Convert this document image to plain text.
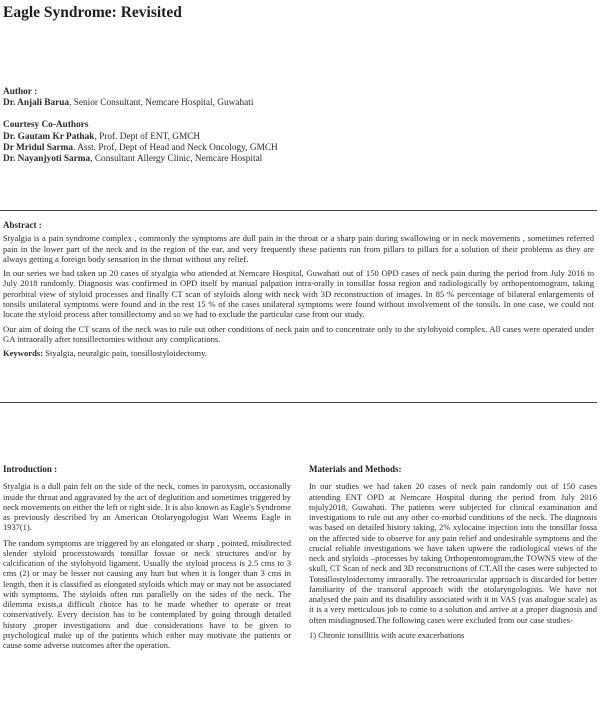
Eagle Syndrome: Revisited
Author :
Dr. Anjali Barua, Senior Consultant, Nemcare Hospital, Guwahati
Courtesy Co-Authors
Dr. Gautam Kr Pathak, Prof. Dept of ENT, GMCH
Dr Mridul Sarma. Asst. Prof, Dept of Head and Neck Oncology, GMCH
Dr. Nayanjyoti Sarma, Consultant Allergy Clinic, Nemcare Hospital

Abstract :

Styalgia is a pain syndrome complex , commonly the symptoms are dull pain in the throat or a sharp pain during swallowing or in neck movements , sometimes referred pain in the lower part of the neck and in the region of the ear, and very frequently these patients run from pillars to pillars for a solution of their problems as they are always getting a foreign body sensation in the throat without any relief.

In our series we had taken up 20 cases of styalgia who attended at Nemcare Hospital, Guwahati out of 150 OPD cases of neck pain during the period from July 2016 to July 2018 randomly. Diagnosis was confirmed in OPD itself by manual palpation intra-orally in tonsillar fossa region and radiologically by orthopentomogram, taking perorbital view of styloid processes and finally CT scan of styloids along with neck with 3D reconstruction of images. In 85 % percentage of bilateral enlargements of tonsils unilateral symptoms were found and in the rest 15 % of the cases unilateral symptoms were found without involvement of the tonsils. In one case, we could not locate the styloid process after tonsillectomy and so we had to exclude the particular case from our study.

Our aim of doing the CT scans of the neck was to rule out other conditions of neck pain and to concentrate only to the stylohyoid complex. All cases were operated under GA intraorally after tonsillectomies without any complications.

Keywords: Styalgia, neuralgic pain, tonsillostyloidectomy.

Introduction :

Styalgia is a dull pain felt on the side of the neck, comes in paroxysm, occasionally inside the throat and aggravated by the act of deglutition and sometimes triggered by neck movements on either the left or right side. It is also known as Eagle's Syndrome as previously described by an American Otolaryngologist Watt Weems Eagle in 1937(1).

The random symptoms are triggered by an elongated or sharp , pointed, misdirected slender styloid processtowards tonsillar fossae or neck structures and/or by calcification of the stylohyoid ligament. Usually the styloid process is 2.5 cms to 3 cms (2) or may be lesser not causing any hurt but when it is longer than 3 cms in length, then it is classified as elongated styloids which may or may not be associated with symptoms. The styloids often run parallelly on the sides of the neck. The dilemma exists,a difficult choice has to be made whether to operate or treat conservatively. Every decision has to be contemplated by going through detailed history ,proper investigations and due considerations have to be given to psychological make up of the patients which either may motivate the patients or cause some adverse outcomes after the operation.

Materials and Methods:

In our studies we had taken 20 cases of neck pain randomly out of 150 cases attending ENT OPD at Nemcare Hospital during the period from July 2016 tojuly2018, Guwahati. The patients were subjected for clinical examination and investigations to rule out any other co-morbid conditions of the neck. The diagnosis was based on detailed history taking, 2% xylocaine injection into the tonsillar fossa on the affected side to observe for any pain relief and undesirable symptoms and the crucial reliable investigations we have taken upwere the radiological views of the neck and styloids –processes by taking Orthopentomogram,the TOWNS view of the skull, CT Scan of neck and 3D reconstructions of CT.All the cases were subjected to Tonsillostyloidectomy intraorally. The retroauricular approach is discarded for better familiarity of the transoral approach with the otolaryngologists. We have not analysed the pain and its disability associated with it in VAS (vas analogue scale) as it is a very meticulous job to come to a solution and arrive at a proper diagnosis and often misdiagnosed.The following cases were excluded from our case studies-

1) Chronic tonsillitis with acute exacerbations
